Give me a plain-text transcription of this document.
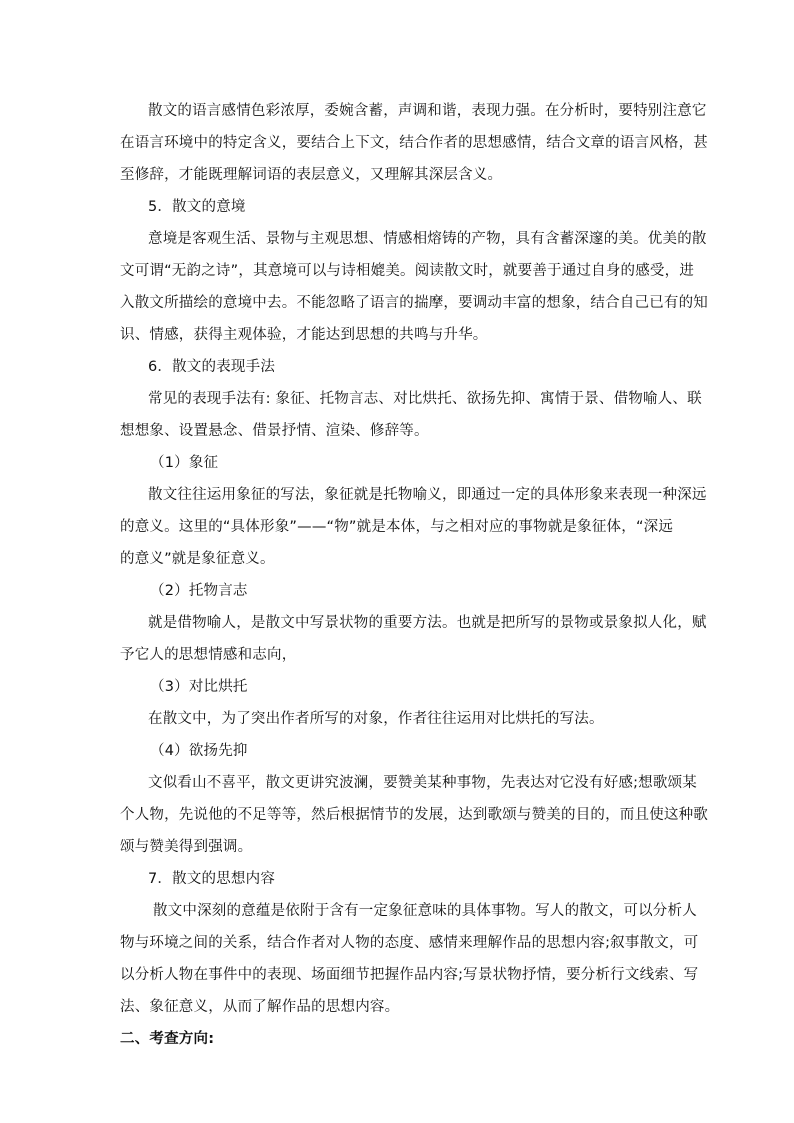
散文的语言感情色彩浓厚，委婉含蓄，声调和谐，表现力强。在分析时，要特别注意它
在语言环境中的特定含义，要结合上下文，结合作者的思想感情，结合文章的语言风格，甚
至修辞，才能既理解词语的表层意义，又理解其深层含义。
5．散文的意境
意境是客观生活、景物与主观思想、情感相熔铸的产物，具有含蓄深邃的美。优美的散
文可谓“无韵之诗”，其意境可以与诗相媲美。阅读散文时，就要善于通过自身的感受，进
入散文所描绘的意境中去。不能忽略了语言的揣摩，要调动丰富的想象，结合自己已有的知
识、情感，获得主观体验，才能达到思想的共鸣与升华。
6．散文的表现手法
常见的表现手法有: 象征、托物言志、对比烘托、欲扬先抑、寓情于景、借物喻人、联
想想象、设置悬念、借景抒情、渲染、修辞等。
（1）象征
散文往往运用象征的写法，象征就是托物喻义，即通过一定的具体形象来表现一种深远
的意义。这里的“具体形象”——“物”就是本体，与之相对应的事物就是象征体，“深远
的意义”就是象征意义。
（2）托物言志
就是借物喻人，是散文中写景状物的重要方法。也就是把所写的景物或景象拟人化，赋
予它人的思想情感和志向，
（3）对比烘托
在散文中，为了突出作者所写的对象，作者往往运用对比烘托的写法。
（4）欲扬先抑
文似看山不喜平，散文更讲究波澜，要赞美某种事物，先表达对它没有好感;想歌颂某
个人物，先说他的不足等等，然后根据情节的发展，达到歌颂与赞美的目的，而且使这种歌
颂与赞美得到强调。
7．散文的思想内容
散文中深刻的意蕴是依附于含有一定象征意味的具体事物。写人的散文，可以分析人
物与环境之间的关系，结合作者对人物的态度、感情来理解作品的思想内容;叙事散文，可
以分析人物在事件中的表现、场面细节把握作品内容;写景状物抒情，要分析行文线索、写
法、象征意义，从而了解作品的思想内容。
二、考查方向:
